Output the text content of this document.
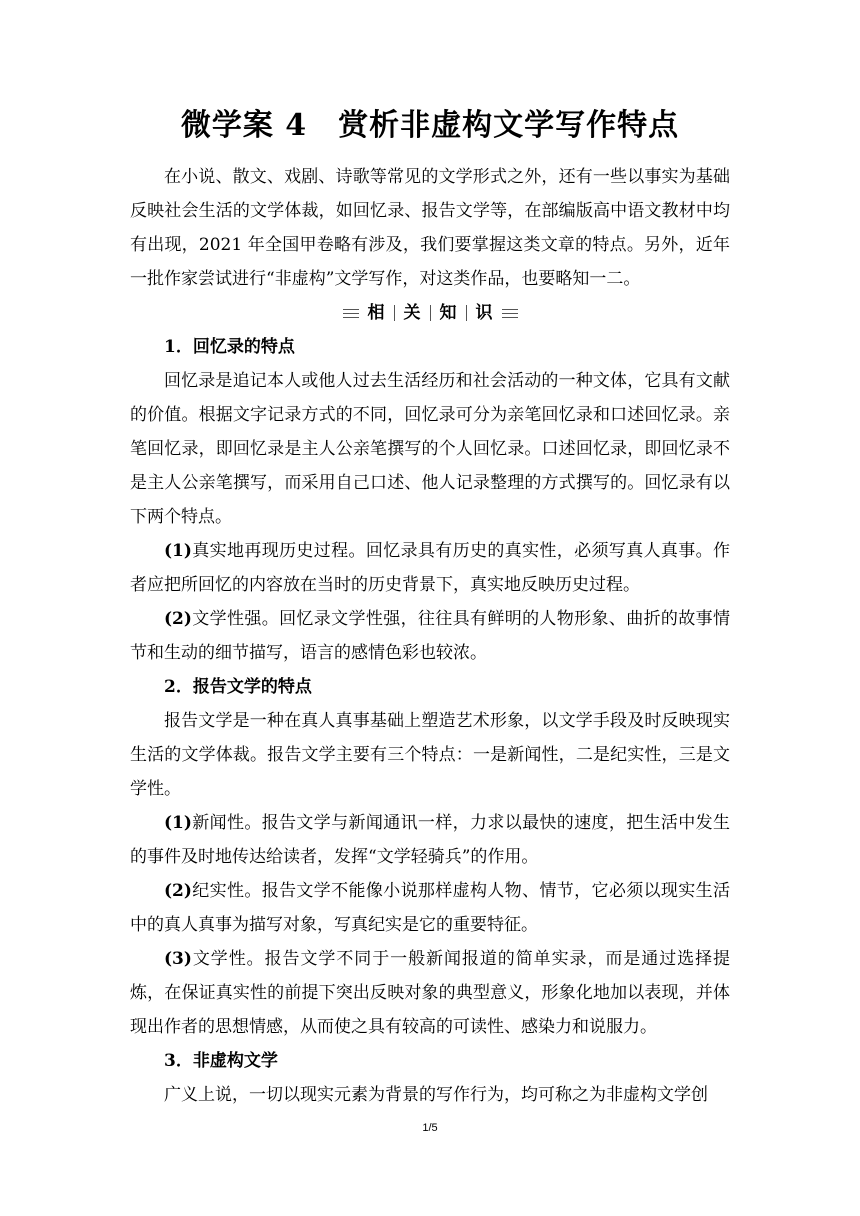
微学案 4　赏析非虚构文学写作特点

在小说、散文、戏剧、诗歌等常见的文学形式之外，还有一些以事实为基础反映社会生活的文学体裁，如回忆录、报告文学等，在部编版高中语文教材中均有出现，2021 年全国甲卷略有涉及，我们要掌握这类文章的特点。另外，近年一批作家尝试进行“非虚构”文学写作，对这类作品，也要略知一二。

相 关 知 识
1．回忆录的特点

回忆录是追记本人或他人过去生活经历和社会活动的一种文体，它具有文献的价值。根据文字记录方式的不同，回忆录可分为亲笔回忆录和口述回忆录。亲笔回忆录，即回忆录是主人公亲笔撰写的个人回忆录。口述回忆录，即回忆录不是主人公亲笔撰写，而采用自己口述、他人记录整理的方式撰写的。回忆录有以下两个特点。

(1)真实地再现历史过程。回忆录具有历史的真实性，必须写真人真事。作者应把所回忆的内容放在当时的历史背景下，真实地反映历史过程。

(2)文学性强。回忆录文学性强，往往具有鲜明的人物形象、曲折的故事情节和生动的细节描写，语言的感情色彩也较浓。

2．报告文学的特点

报告文学是一种在真人真事基础上塑造艺术形象，以文学手段及时反映现实生活的文学体裁。报告文学主要有三个特点：一是新闻性，二是纪实性，三是文学性。

(1)新闻性。报告文学与新闻通讯一样，力求以最快的速度，把生活中发生的事件及时地传达给读者，发挥“文学轻骑兵”的作用。

(2)纪实性。报告文学不能像小说那样虚构人物、情节，它必须以现实生活中的真人真事为描写对象，写真纪实是它的重要特征。

(3)文学性。报告文学不同于一般新闻报道的简单实录，而是通过选择提炼，在保证真实性的前提下突出反映对象的典型意义，形象化地加以表现，并体现出作者的思想情感，从而使之具有较高的可读性、感染力和说服力。

3．非虚构文学

广义上说，一切以现实元素为背景的写作行为，均可称之为非虚构文学创

1/5
